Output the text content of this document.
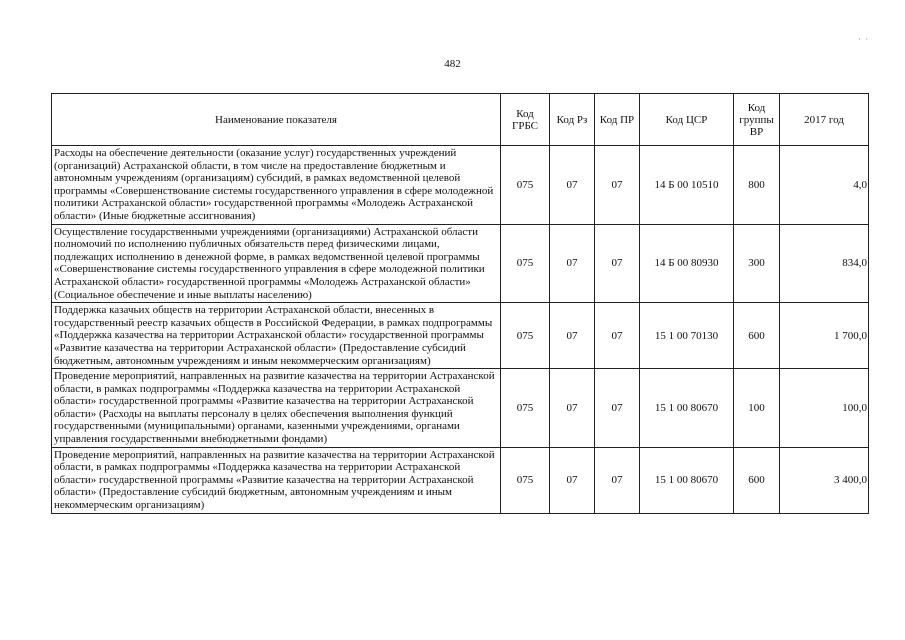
482
· ·
Наименование показателя	Код ГРБС	Код Рз	Код ПР	Код ЦСР	Код группы ВР	2017 год
Расходы на обеспечение деятельности (оказание услуг) государственных учреждений (организаций) Астраханской области, в том числе на предоставление бюджетным и автономным учреждениям (организациям) субсидий, в рамках ведомственной целевой программы «Совершенствование системы государственного управления в сфере молодежной политики Астраханской области» государственной программы «Молодежь Астраханской области» (Иные бюджетные ассигнования)	075	07	07	14 Б 00 10510	800	4,0
Осуществление государственными учреждениями (организациями) Астраханской области полномочий по исполнению публичных обязательств перед физическими лицами, подлежащих исполнению в денежной форме, в рамках ведомственной целевой программы «Совершенствование системы государственного управления в сфере молодежной политики Астраханской области» государственной программы «Молодежь Астраханской области» (Социальное обеспечение и иные выплаты населению)	075	07	07	14 Б 00 80930	300	834,0
Поддержка казачьих обществ на территории Астраханской области, внесенных в государственный реестр казачьих обществ в Российской Федерации, в рамках подпрограммы «Поддержка казачества на территории Астраханской области» государственной программы «Развитие казачества на территории Астраханской области» (Предоставление субсидий бюджетным, автономным учреждениям и иным некоммерческим организациям)	075	07	07	15 1 00 70130	600	1 700,0
Проведение мероприятий, направленных на развитие казачества на территории Астраханской области, в рамках подпрограммы «Поддержка казачества на территории Астраханской области» государственной программы «Развитие казачества на территории Астраханской области» (Расходы на выплаты персоналу в целях обеспечения выполнения функций государственными (муниципальными) органами, казенными учреждениями, органами управления государственными внебюджетными фондами)	075	07	07	15 1 00 80670	100	100,0
Проведение мероприятий, направленных на развитие казачества на территории Астраханской области, в рамках подпрограммы «Поддержка казачества на территории Астраханской области» государственной программы «Развитие казачества на территории Астраханской области» (Предоставление субсидий бюджетным, автономным учреждениям и иным некоммерческим организациям)	075	07	07	15 1 00 80670	600	3 400,0
